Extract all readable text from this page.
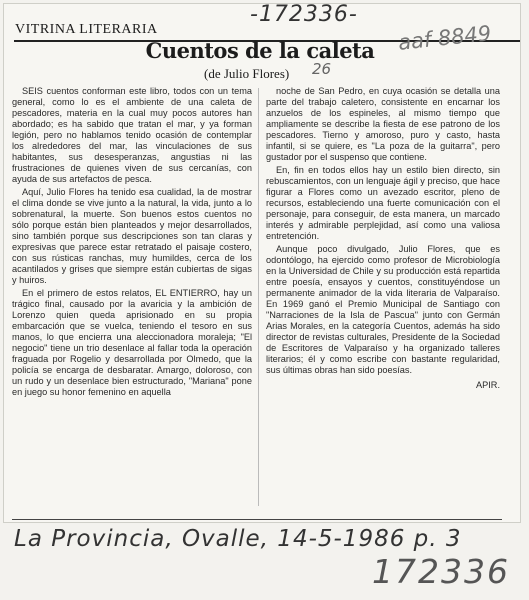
VITRINA LITERARIA
Cuentos de la caleta
(de Julio Flores)

SEIS cuentos conforman este libro, todos con un tema general, como lo es el ambiente de una caleta de pescadores, materia en la cual muy pocos autores han abordado; es ha sabido que tratan el mar, y ya forman legión, pero no hablamos tenido ocasión de contemplar los alrededores del mar, las vinculaciones de sus habitantes, sus desesperanzas, angustias ni las frustraciones de quienes viven de sus cercanías, con ayuda de sus artefactos de pesca.

Aquí, Julio Flores ha tenido esa cualidad, la de mostrar el clima donde se vive junto a la natural, la vida, junto a lo sobrenatural, la muerte. Son buenos estos cuentos no sólo porque están bien planteados y mejor desarrollados, sino también porque sus descripciones son tan claras y expresivas que parece estar retratado el paisaje costero, con sus rústicas ranchas, muy humildes, cerca de los acantilados y grises que siempre están cubiertas de sigas y huiros.

En el primero de estos relatos, EL ENTIERRO, hay un trágico final, causado por la avaricia y la ambición de Lorenzo quien queda aprisionado en su propia embarcación que se vuelca, teniendo el tesoro en sus manos, lo que encierra una aleccionadora moraleja; "El negocio" tiene un trio desenlace al fallar toda la operación fraguada por Rogelio y desarrollada por Olmedo, que la policía se encarga de desbaratar. Amargo, doloroso, con un rudo y un desenlace bien estructurado, "Mariana" pone en juego su honor femenino en aquella

noche de San Pedro, en cuya ocasión se detalla una parte del trabajo caletero, consistente en encarnar los anzuelos de los espineles, al mismo tiempo que ampliamente se describe la fiesta de ese patrono de los pescadores. Tierno y amoroso, puro y casto, hasta infantil, si se quiere, es "La poza de la guitarra", pero gustador por el suspenso que contiene.

En, fin en todos ellos hay un estilo bien directo, sin rebuscamientos, con un lenguaje ágil y preciso, que hace figurar a Flores como un avezado escritor, pleno de recursos, estableciendo una fuerte comunicación con el personaje, para conseguir, de esta manera, un marcado interés y admirable perplejidad, así como una valiosa entretención.

Aunque poco divulgado, Julio Flores, que es odontólogo, ha ejercido como profesor de Microbiología en la Universidad de Chile y su producción está repartida entre poesía, ensayos y cuentos, constituyéndose un permanente animador de la vida literaria de Valparaíso. En 1969 ganó el Premio Municipal de Santiago con "Narraciones de la Isla de Pascua" junto con Germán Arias Morales, en la categoría Cuentos, además ha sido director de revistas culturales, Presidente de la Sociedad de Escritores de Valparaíso y ha organizado talleres literarios; él y como escribe con bastante regularidad, sus últimas obras han sido poesías.

APIR.
-172336-
aaf 8849
26
La Provincia, Ovalle, 14-5-1986 p. 3
172336
